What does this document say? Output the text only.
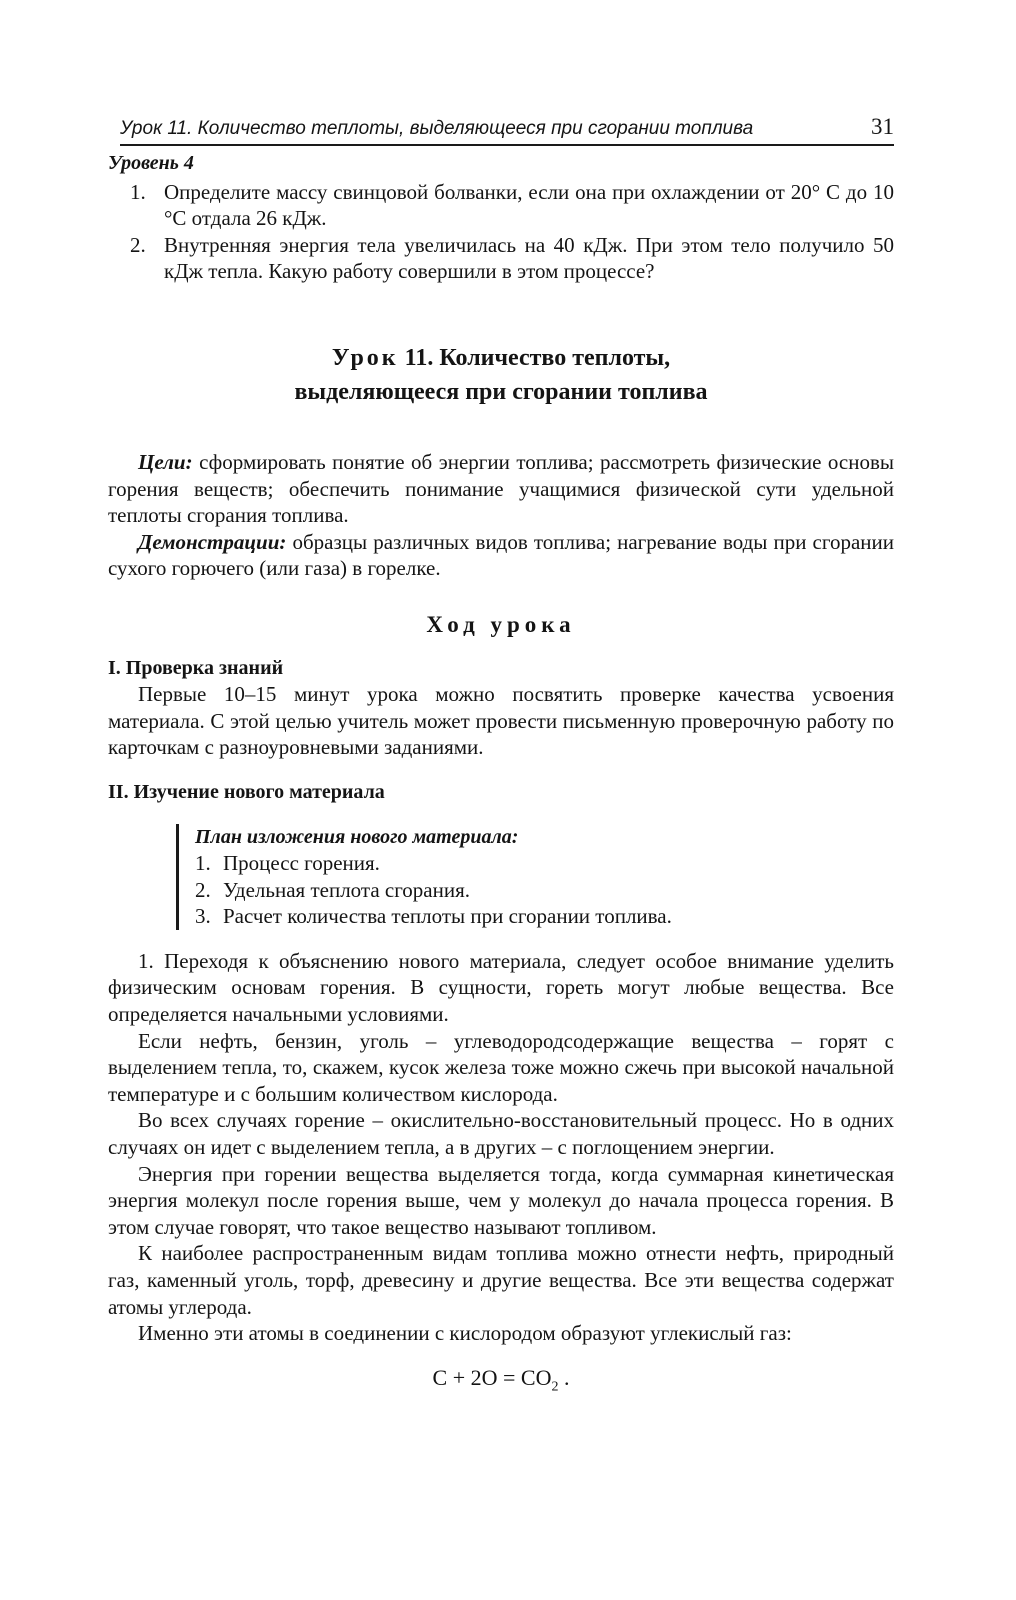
Урок 11. Количество теплоты, выделяющееся при сгорании топлива	31
Уровень 4
1. Определите массу свинцовой болванки, если она при охлаждении от 20° С до 10 °С отдала 26 кДж.
2. Внутренняя энергия тела увеличилась на 40 кДж. При этом тело получило 50 кДж тепла. Какую работу совершили в этом процессе?
Урок 11. Количество теплоты,
выделяющееся при сгорании топлива

Цели: сформировать понятие об энергии топлива; рассмотреть физические основы горения веществ; обеспечить понимание учащимися физической сути удельной теплоты сгорания топлива.

Демонстрации: образцы различных видов топлива; нагревание воды при сгорании сухого горючего (или газа) в горелке.

Ход урока
I. Проверка знаний

Первые 10–15 минут урока можно посвятить проверке качества усвоения материала. С этой целью учитель может провести письменную проверочную работу по карточкам с разноуровневыми заданиями.

II. Изучение нового материала
План изложения нового материала:
1. Процесс горения.
2. Удельная теплота сгорания.
3. Расчет количества теплоты при сгорании топлива.

1. Переходя к объяснению нового материала, следует особое внимание уделить физическим основам горения. В сущности, гореть могут любые вещества. Все определяется начальными условиями.

Если нефть, бензин, уголь – углеводородсодержащие вещества – горят с выделением тепла, то, скажем, кусок железа тоже можно сжечь при высокой начальной температуре и с большим количеством кислорода.

Во всех случаях горение – окислительно-восстановительный процесс. Но в одних случаях он идет с выделением тепла, а в других – с поглощением энергии.

Энергия при горении вещества выделяется тогда, когда суммарная кинетическая энергия молекул после горения выше, чем у молекул до начала процесса горения. В этом случае говорят, что такое вещество называют топливом.

К наиболее распространенным видам топлива можно отнести нефть, природный газ, каменный уголь, торф, древесину и другие вещества. Все эти вещества содержат атомы углерода.

Именно эти атомы в соединении с кислородом образуют углекислый газ:

$C + 2O = CO_2$ .
